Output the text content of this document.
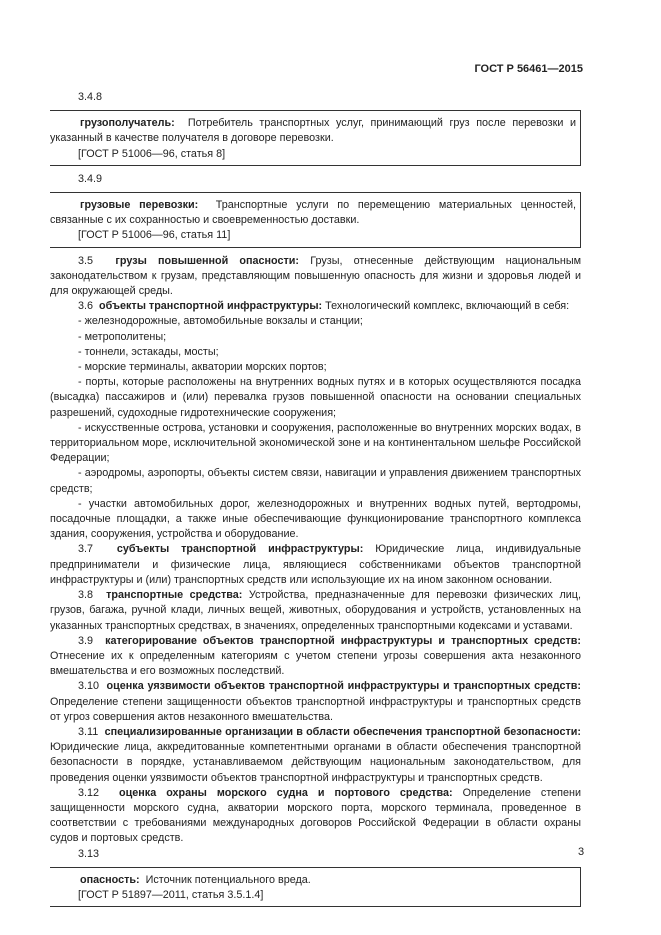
ГОСТ Р 56461—2015

3.4.8

грузополучатель: Потребитель транспортных услуг, принимающий груз после перевозки и указанный в качестве получателя в договоре перевозки.

[ГОСТ Р 51006—96, статья 8]

3.4.9

грузовые перевозки: Транспортные услуги по перемещению материальных ценностей, связанные с их сохранностью и своевременностью доставки.

[ГОСТ Р 51006—96, статья 11]

3.5 грузы повышенной опасности: Грузы, отнесенные действующим национальным законодательством к грузам, представляющим повышенную опасность для жизни и здоровья людей и для окружающей среды.

3.6 объекты транспортной инфраструктуры: Технологический комплекс, включающий в себя:

- железнодорожные, автомобильные вокзалы и станции;

- метрополитены;

- тоннели, эстакады, мосты;

- морские терминалы, акватории морских портов;

- порты, которые расположены на внутренних водных путях и в которых осуществляются посадка (высадка) пассажиров и (или) перевалка грузов повышенной опасности на основании специальных разрешений, судоходные гидротехнические сооружения;

- искусственные острова, установки и сооружения, расположенные во внутренних морских водах, в территориальном море, исключительной экономической зоне и на континентальном шельфе Российской Федерации;

- аэродромы, аэропорты, объекты систем связи, навигации и управления движением транспортных средств;

- участки автомобильных дорог, железнодорожных и внутренних водных путей, вертодромы, посадочные площадки, а также иные обеспечивающие функционирование транспортного комплекса здания, сооружения, устройства и оборудование.

3.7 субъекты транспортной инфраструктуры: Юридические лица, индивидуальные предприниматели и физические лица, являющиеся собственниками объектов транспортной инфраструктуры и (или) транспортных средств или использующие их на ином законном основании.

3.8 транспортные средства: Устройства, предназначенные для перевозки физических лиц, грузов, багажа, ручной клади, личных вещей, животных, оборудования и устройств, установленных на указанных транспортных средствах, в значениях, определенных транспортными кодексами и уставами.

3.9 категорирование объектов транспортной инфраструктуры и транспортных средств: Отнесение их к определенным категориям с учетом степени угрозы совершения акта незаконного вмешательства и его возможных последствий.

3.10 оценка уязвимости объектов транспортной инфраструктуры и транспортных средств: Определение степени защищенности объектов транспортной инфраструктуры и транспортных средств от угроз совершения актов незаконного вмешательства.

3.11 специализированные организации в области обеспечения транспортной безопасности: Юридические лица, аккредитованные компетентными органами в области обеспечения транспортной безопасности в порядке, устанавливаемом действующим национальным законодательством, для проведения оценки уязвимости объектов транспортной инфраструктуры и транспортных средств.

3.12 оценка охраны морского судна и портового средства: Определение степени защищенности морского судна, акватории морского порта, морского терминала, проведенное в соответствии с требованиями международных договоров Российской Федерации в области охраны судов и портовых средств.

3.13

опасность: Источник потенциального вреда.

[ГОСТ Р 51897—2011, статья 3.5.1.4]

3
